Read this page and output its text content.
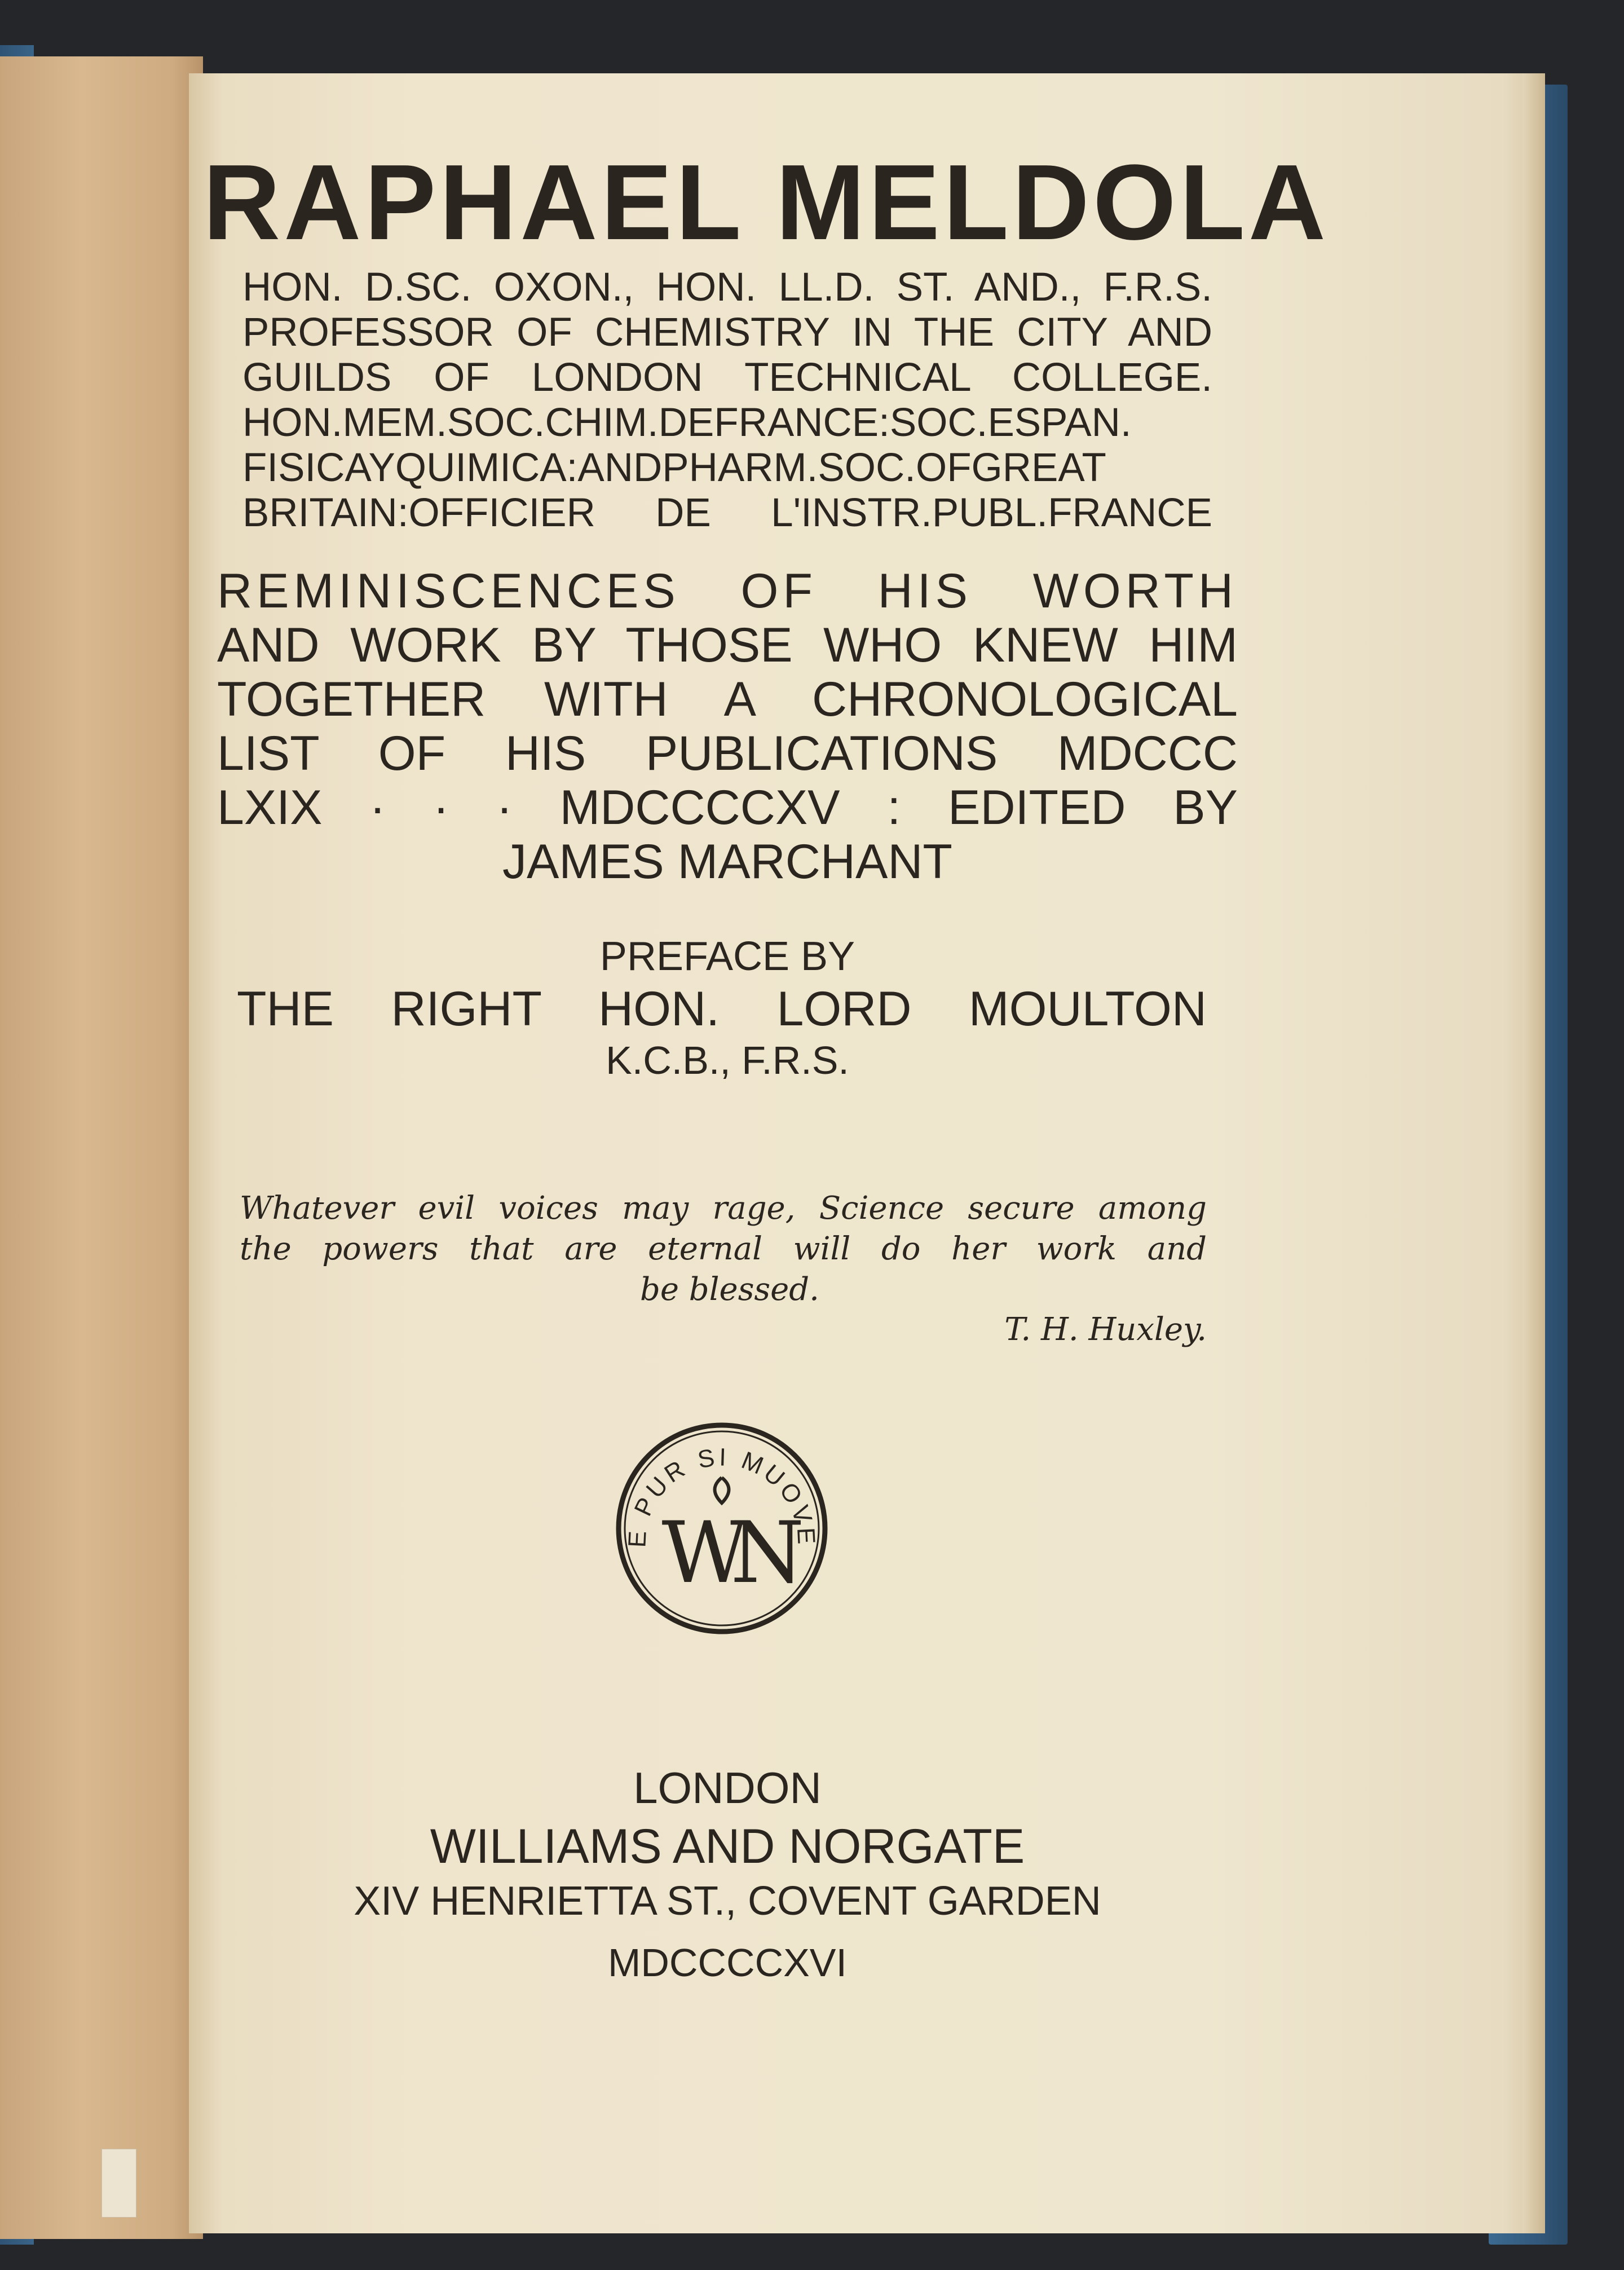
RAPHAEL MELDOLA

HON. D.SC. OXON., HON. LL.D. ST. AND., F.R.S.

PROFESSOR OF CHEMISTRY IN THE CITY AND

GUILDS OF LONDON TECHNICAL COLLEGE.

HON.MEM.SOC.CHIM.DEFRANCE:SOC.ESPAN.

FISICAYQUIMICA:ANDPHARM.SOC.OFGREAT

BRITAIN:OFFICIER DE L'INSTR.PUBL.FRANCE

REMINISCENCES OF HIS WORTH

AND WORK BY THOSE WHO KNEW HIM

TOGETHER WITH A CHRONOLOGICAL

LIST OF HIS PUBLICATIONS MDCCC

LXIX · · · MDCCCCXV : EDITED BY

JAMES MARCHANT

PREFACE BY

THE RIGHT HON. LORD MOULTON

K.C.B., F.R.S.

Whatever evil voices may rage, Science secure among

the powers that are eternal will do her work and

be blessed.

T. H. Huxley.

E PUR SI MUOVE
W N

LONDON

WILLIAMS AND NORGATE

XIV HENRIETTA ST., COVENT GARDEN

MDCCCCXVI
